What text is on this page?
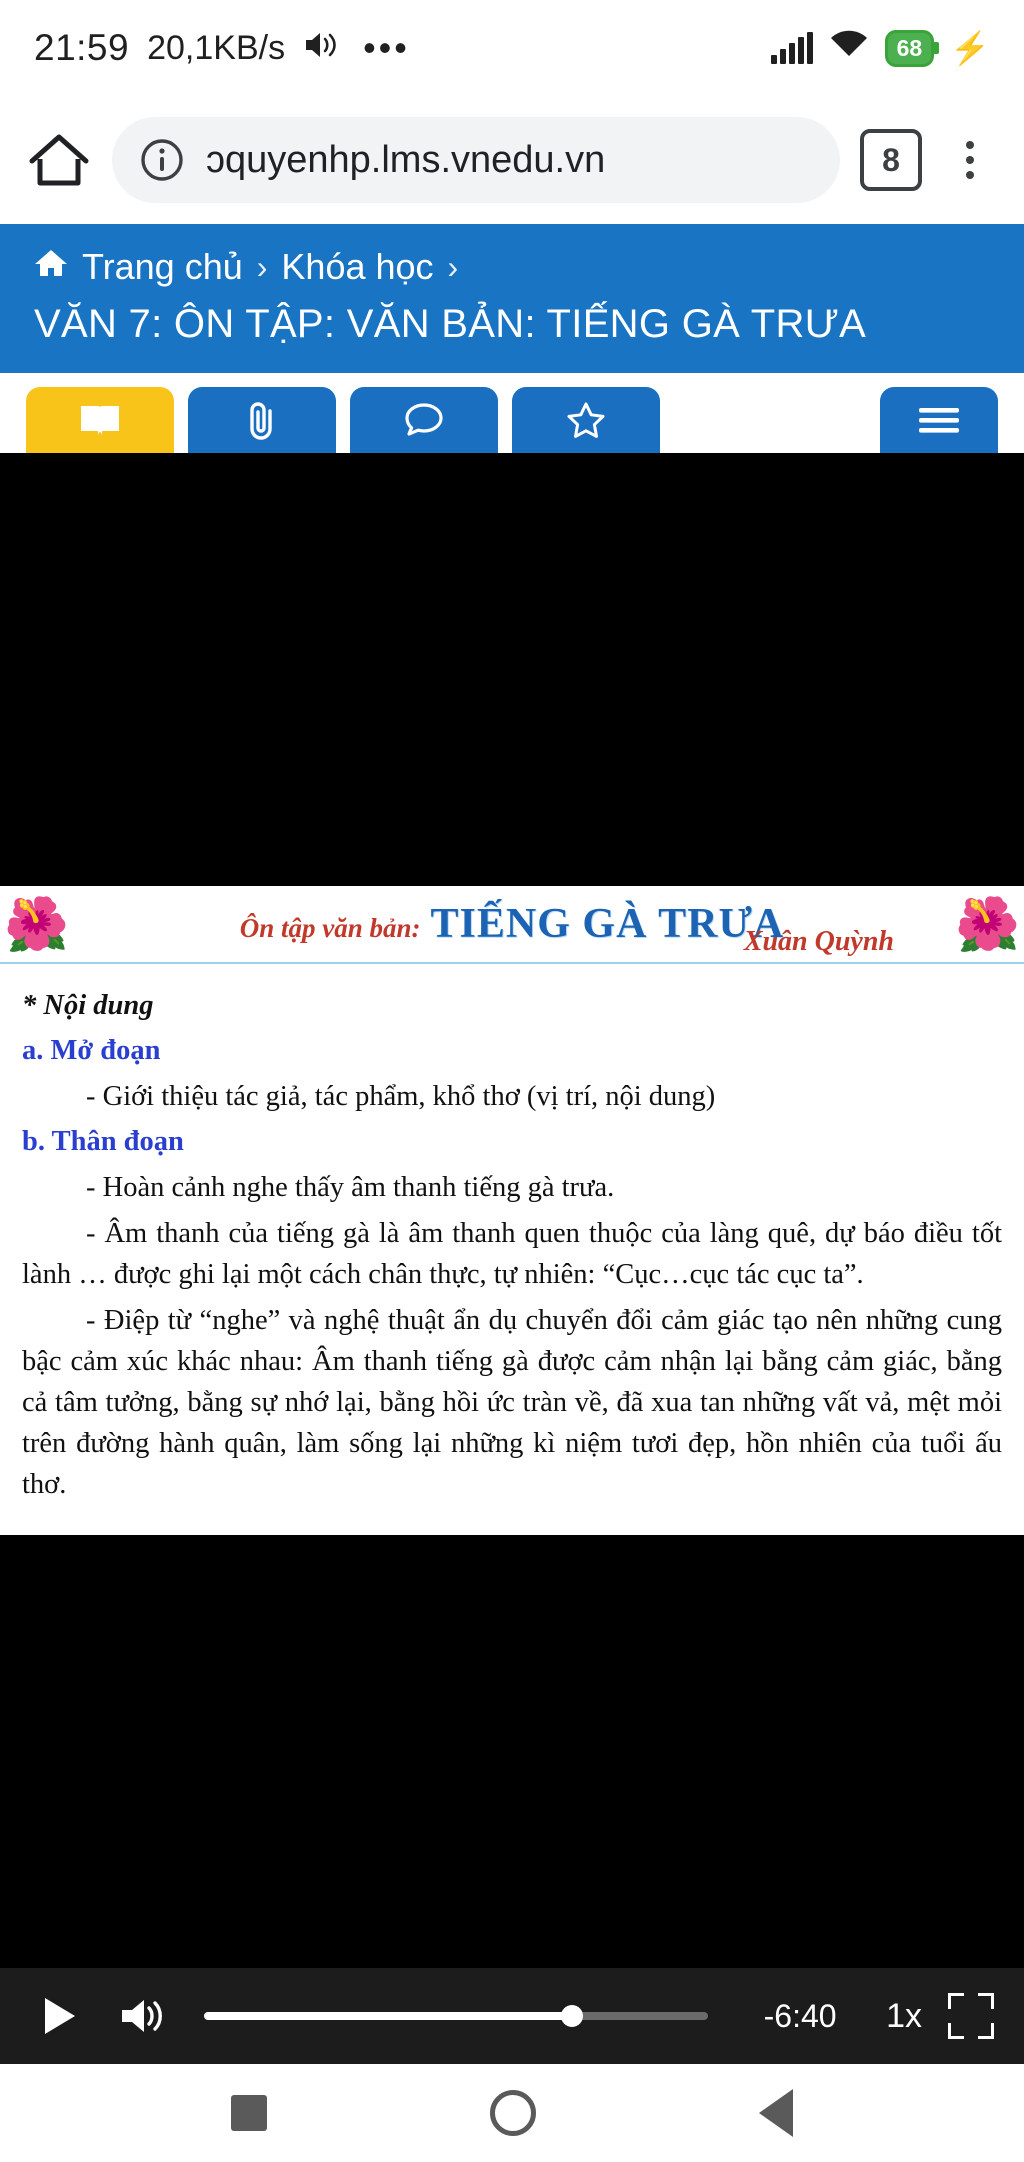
21:59 20,1KB/s •••	68 ⚡
ɔquyenhp.lms.vnedu.vn	8
Trang chủ › Khóa học ›
VĂN 7: ÔN TẬP: VĂN BẢN: TIẾNG GÀ TRƯA
🌺	Ôn tập văn bản: TIẾNG GÀ TRƯA
Xuân Quỳnh 🌺

* Nội dung

a. Mở đoạn

- Giới thiệu tác giả, tác phẩm, khổ thơ (vị trí, nội dung)

b. Thân đoạn

- Hoàn cảnh nghe thấy âm thanh tiếng gà trưa.

- Âm thanh của tiếng gà là âm thanh quen thuộc của làng quê, dự báo điều tốt lành … được ghi lại một cách chân thực, tự nhiên: “Cục…cục tác cục ta”.

- Điệp từ “nghe” và nghệ thuật ẩn dụ chuyển đổi cảm giác tạo nên những cung bậc cảm xúc khác nhau: Âm thanh tiếng gà được cảm nhận lại bằng cảm giác, bằng cả tâm tưởng, bằng sự nhớ lại, bằng hồi ức tràn về, đã xua tan những vất vả, mệt mỏi trên đường hành quân, làm sống lại những kì niệm tươi đẹp, hồn nhiên của tuổi ấu thơ.

-6:40	1x
